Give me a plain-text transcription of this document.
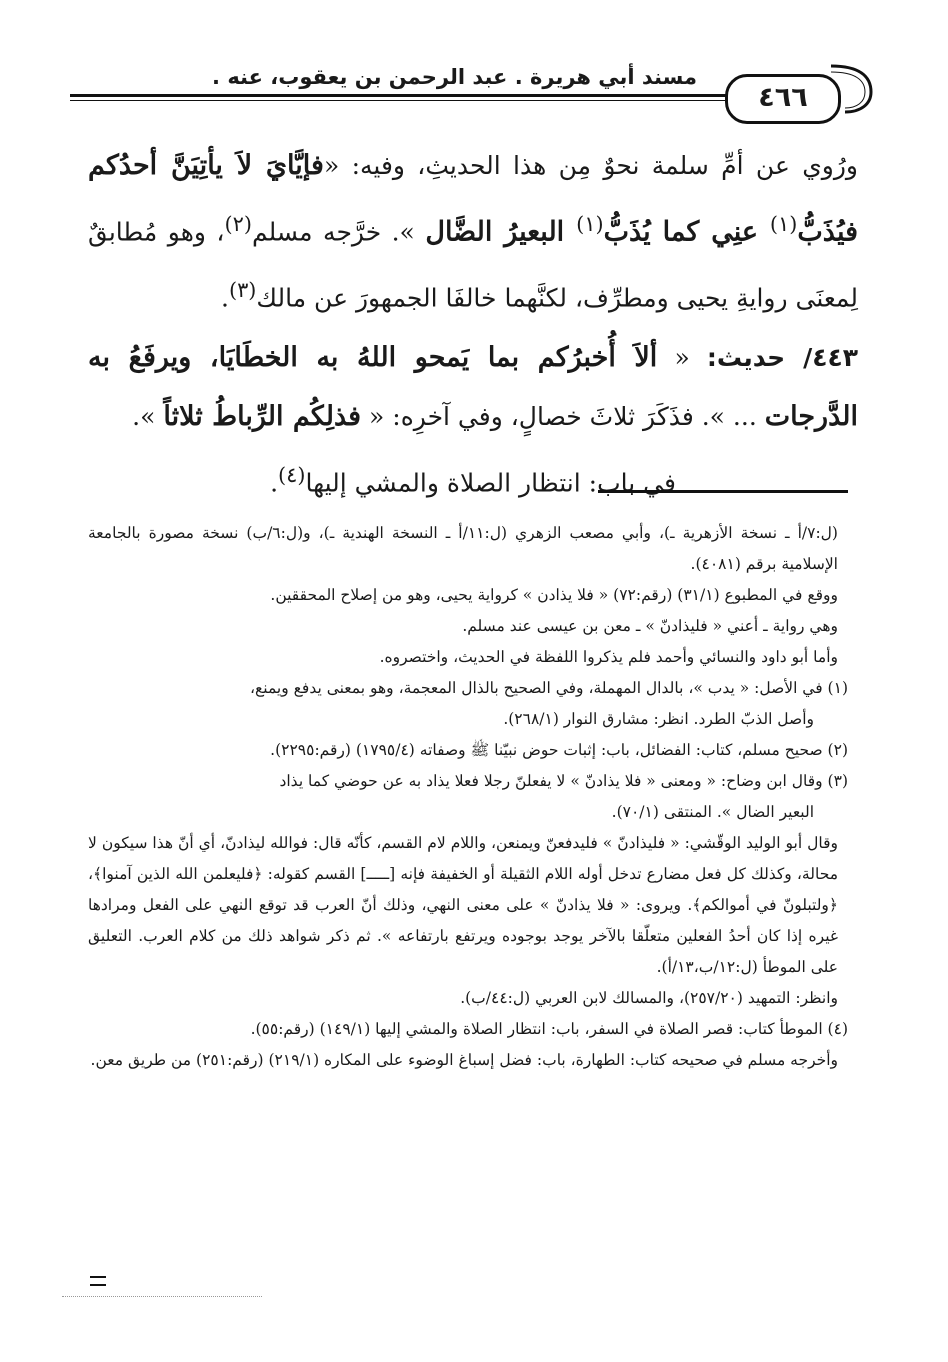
مسند أبي هريرة . عبد الرحمن بن يعقوب، عنه .
٤٦٦

ورُوي عن أمِّ سلمة نحوٌ مِن هذا الحديثِ، وفيه: «فإيَّايَ لاَ يأتِيَنَّ أحدُكم فيُذَبُّ$^{(١)}$ عنِي كما يُذَبُّ$^{(١)}$ البعيرُ الضَّال ». خرَّجه مسلم$^{(٢)}$، وهو مُطابقٌ لِمعنَى روايةِ يحيى ومطرِّف، لكنَّهما خالفَا الجمهورَ عن مالك$^{(٣)}$.

٤٤٣/ حديث: « ألاَ أُخبرُكم بما يَمحو اللهُ به الخطَايَا، ويرفَعُ به الدَّرجات ... ». فذَكَرَ ثلاثَ خصالٍ، وفي آخرِه: « فذلِكُم الرِّباطُ ثلاثاً ».

في باب: انتظار الصلاة والمشي إليها$^{(٤)}$.

(ل:٧/أ ـ نسخة الأزهرية ـ)، وأبي مصعب الزهري (ل:١١/أ ـ النسخة الهندية ـ)، و(ل:٦/ب) نسخة مصورة بالجامعة الإسلامية برقم (٤٠٨١).

ووقع في المطبوع (٣١/١) (رقم:٧٢) « فلا يذادن » كرواية يحيى، وهو من إصلاح المحققين.

وهي رواية ـ أعني « فليذادنّ » ـ معن بن عيسى عند مسلم.

وأما أبو داود والنسائي وأحمد فلم يذكروا اللفظة في الحديث، واختصروه.

(١) في الأصل: « يدب »، بالدال المهملة، وفي الصحيح بالذال المعجمة، وهو بمعنى يدفع ويمنع،

وأصل الذبّ الطرد. انظر: مشارق النوار (٢٦٨/١).

(٢) صحيح مسلم، كتاب: الفضائل، باب: إثبات حوض نبيّنا ﷺ وصفاته (١٧٩٥/٤) (رقم:٢٢٩٥).

(٣) وقال ابن وضاح: « ومعنى « فلا يذادنّ » لا يفعلنّ رجلا فعلا يذاد به عن حوضي كما يذاد

البعير الضال ». المنتقى (٧٠/١).

وقال أبو الوليد الوقّشي: « فليذادنّ » فليدفعنّ ويمنعن، واللام لام القسم، كأنّه قال: فوالله ليذادنّ، أي أنّ هذا سيكون لا محالة، وكذلك كل فعل مضارع تدخل أوله اللام الثقيلة أو الخفيفة فإنه [ـــــ] القسم كقوله: ﴿فليعلمن الله الذين آمنوا﴾، ﴿ولتبلونّ في أموالكم﴾. ويروى: « فلا يذادنّ » على معنى النهي، وذلك أنّ العرب قد توقع النهي على الفعل ومرادها غيره إذا كان أحدُ الفعلين متعلّقا بالآخر يوجد بوجوده ويرتفع بارتفاعه ». ثم ذكر شواهد ذلك من كلام العرب. التعليق على الموطأ (ل:١٢/ب،١٣/أ).

وانظر: التمهيد (٢٥٧/٢٠)، والمسالك لابن العربي (ل:٤٤/ب).

(٤) الموطأ كتاب: قصر الصلاة في السفر، باب: انتظار الصلاة والمشي إليها (١٤٩/١) (رقم:٥٥).

وأخرجه مسلم في صحيحه كتاب: الطهارة، باب: فضل إسباغ الوضوء على المكاره (٢١٩/١) (رقم:٢٥١) من طريق معن.
